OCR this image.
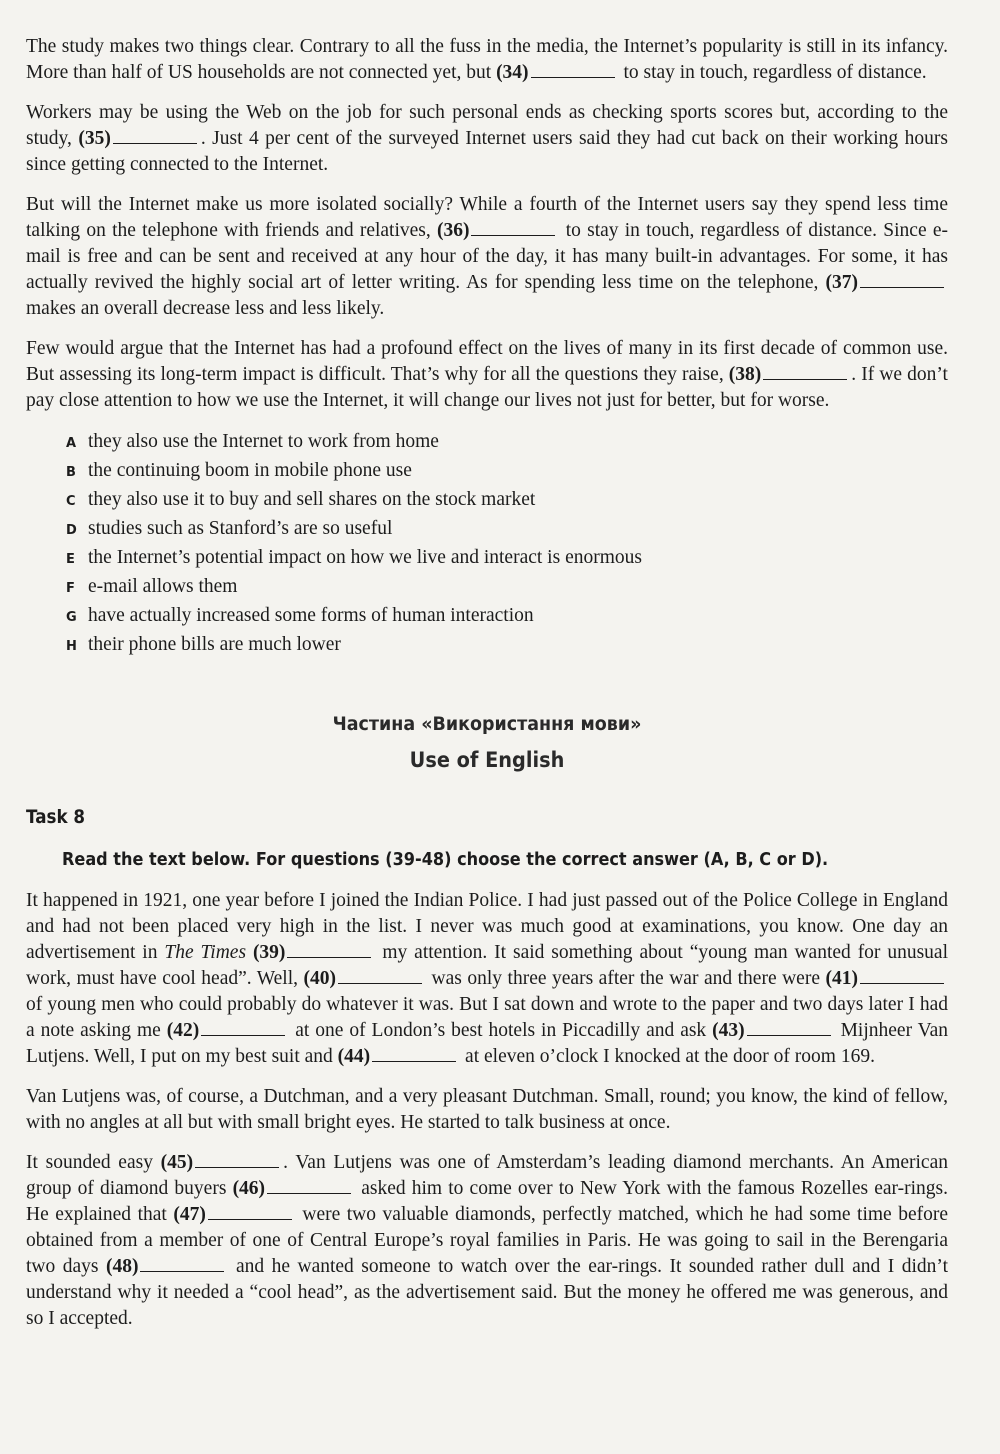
The study makes two things clear. Contrary to all the fuss in the media, the Internet’s popularity is still in its infancy. More than half of US households are not connected yet, but (34)	to stay in touch, regardless of distance.

Workers may be using the Web on the job for such personal ends as checking sports scores but, according to the study, (35)	. Just 4 per cent of the surveyed Internet users said they had cut back on their working hours since getting connected to the Internet.

But will the Internet make us more isolated socially? While a fourth of the Internet users say they spend less time talking on the telephone with friends and relatives, (36)	to stay in touch, regardless of distance. Since e-mail is free and can be sent and received at any hour of the day, it has many built-in advantages. For some, it has actually revived the highly social art of letter writing. As for spending less time on the telephone, (37) makes an overall decrease less and less likely.

Few would argue that the Internet has had a profound effect on the lives of many in its first decade of common use. But assessing its long-term impact is difficult. That’s why for all the questions they raise, (38)	. If we don’t pay close attention to how we use the Internet, it will change our lives not just for better, but for worse.

A they also use the Internet to work from home
B the continuing boom in mobile phone use
C they also use it to buy and sell shares on the stock market
D studies such as Stanford’s are so useful
E the Internet’s potential impact on how we live and interact is enormous
F e-mail allows them
G have actually increased some forms of human interaction
H their phone bills are much lower
Частина «Використання мови»
Use of English
Task 8
Read the text below. For questions (39-48) choose the correct answer (A, B, C or D).

It happened in 1921, one year before I joined the Indian Police. I had just passed out of the Police College in England and had not been placed very high in the list. I never was much good at examinations, you know. One day an advertisement in The Times (39)	my attention. It said something about “young man wanted for unusual work, must have cool head”. Well, (40)	was only three years after the war and there were (41) of young men who could probably do whatever it was. But I sat down and wrote to the paper and two days later I had a note asking me (42)	at one of London’s best hotels in Piccadilly and ask (43)	Mijnheer Van Lutjens. Well, I put on my best suit and (44)	at eleven o’clock I knocked at the door of room 169.

Van Lutjens was, of course, a Dutchman, and a very pleasant Dutchman. Small, round; you know, the kind of fellow, with no angles at all but with small bright eyes. He started to talk business at once.

It sounded easy (45)	. Van Lutjens was one of Amsterdam’s leading diamond merchants. An American group of diamond buyers (46)	asked him to come over to New York with the famous Rozelles ear-rings. He explained that (47)	were two valuable diamonds, perfectly matched, which he had some time before obtained from a member of one of Central Europe’s royal families in Paris. He was going to sail in the Berengaria two days (48)	and he wanted someone to watch over the ear-rings. It sounded rather dull and I didn’t understand why it needed a “cool head”, as the advertisement said. But the money he offered me was generous, and so I accepted.
